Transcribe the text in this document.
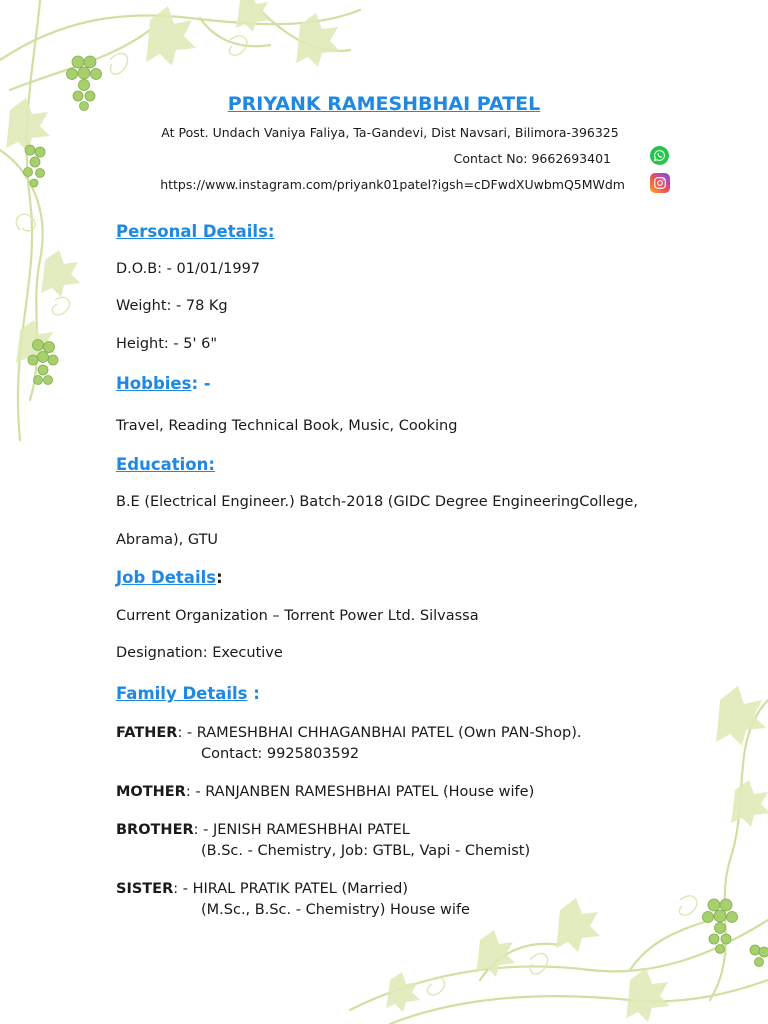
PRIYANK RAMESHBHAI PATEL
At Post. Undach Vaniya Faliya, Ta-Gandevi, Dist Navsari, Bilimora-396325
Contact No: 9662693401
https://www.instagram.com/priyank01patel?igsh=cDFwdXUwbmQ5MWdm
Personal Details:
D.O.B: - 01/01/1997
Weight: - 78 Kg
Height: - 5' 6"
Hobbies: -
Travel, Reading Technical Book, Music, Cooking
Education:
B.E (Electrical Engineer.) Batch-2018 (GIDC Degree EngineeringCollege,
Abrama), GTU
Job Details:
Current Organization – Torrent Power Ltd. Silvassa
Designation: Executive
Family Details :
FATHER: - RAMESHBHAI CHHAGANBHAI PATEL (Own PAN-Shop).
Contact: 9925803592
MOTHER: - RANJANBEN RAMESHBHAI PATEL (House wife)
BROTHER: - JENISH RAMESHBHAI PATEL
(B.Sc. - Chemistry, Job: GTBL, Vapi - Chemist)
SISTER: - HIRAL PRATIK PATEL (Married)
(M.Sc., B.Sc. - Chemistry) House wife
